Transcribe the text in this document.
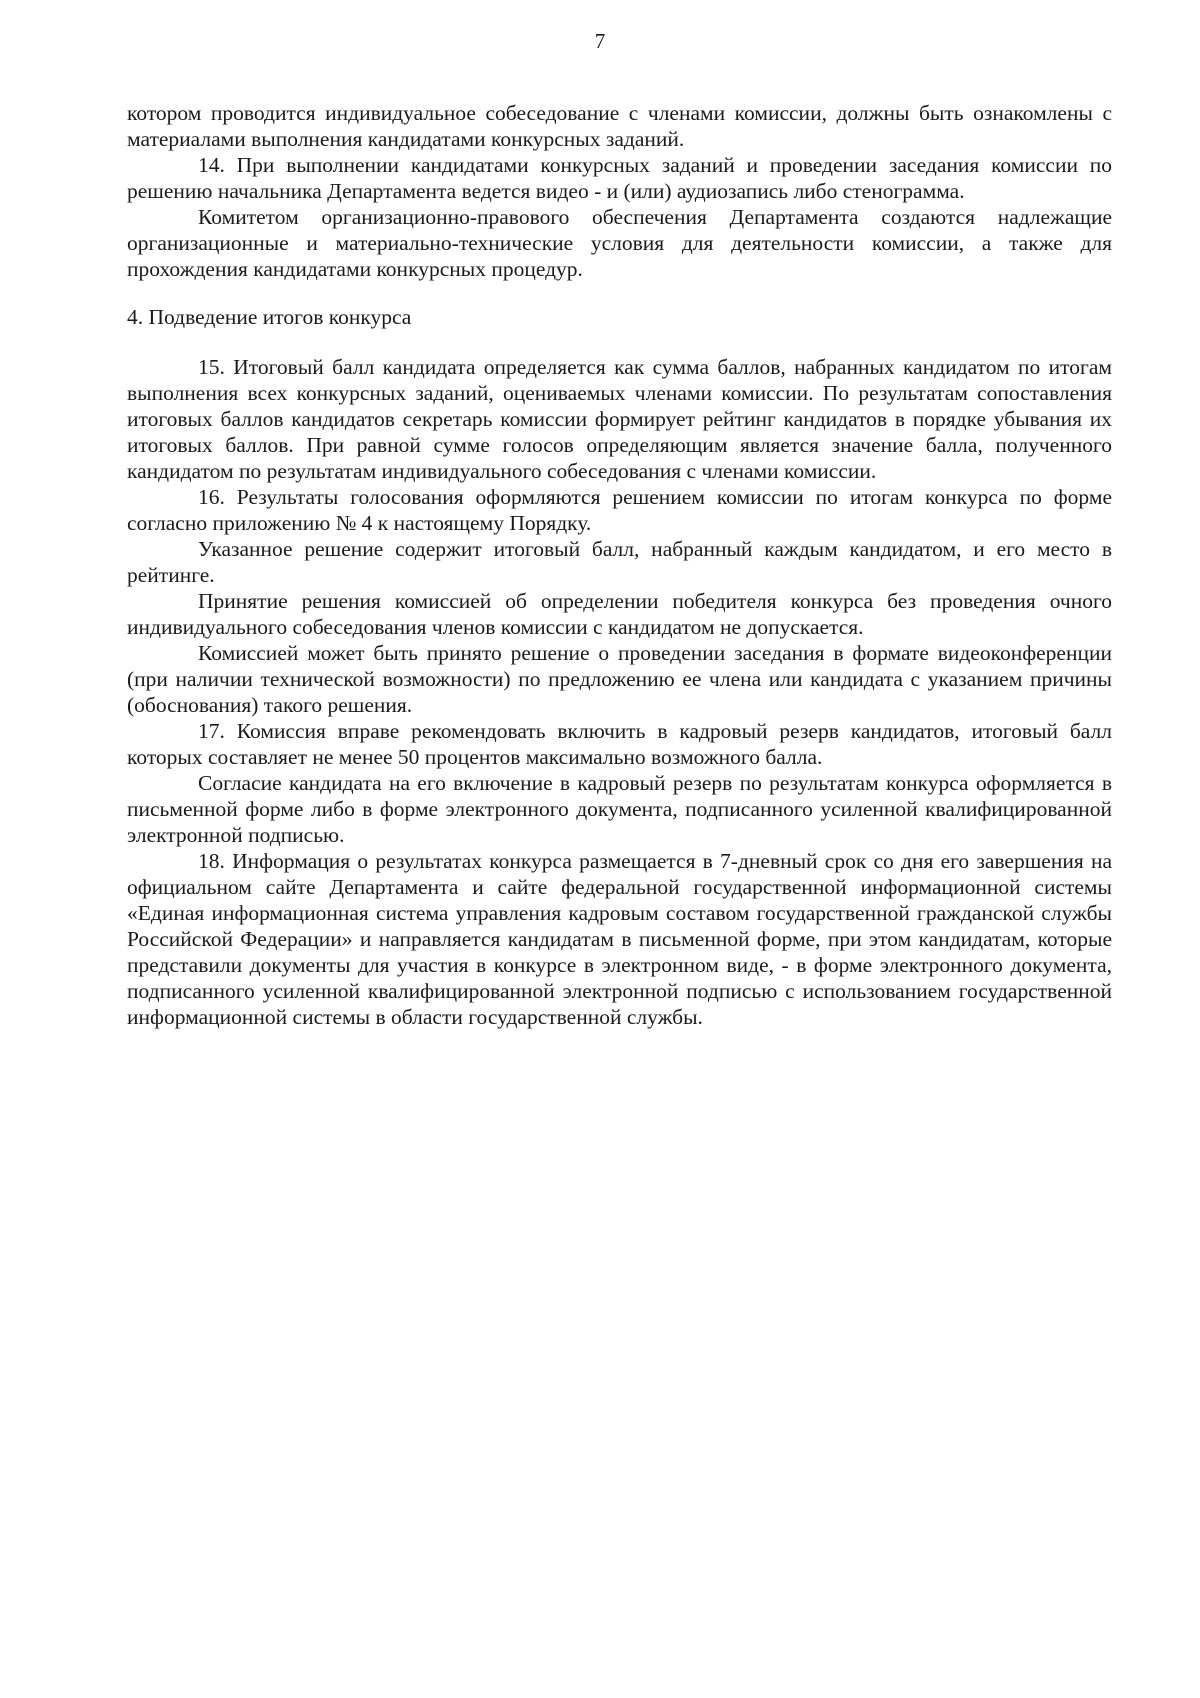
7

котором проводится индивидуальное собеседование с членами комиссии, должны быть ознакомлены с материалами выполнения кандидатами конкурсных заданий.

14. При выполнении кандидатами конкурсных заданий и проведении заседания комиссии по решению начальника Департамента ведется видео - и (или) аудиозапись либо стенограмма.

Комитетом организационно-правового обеспечения Департамента создаются надлежащие организационные и материально-технические условия для деятельности комиссии, а также для прохождения кандидатами конкурсных процедур.

4. Подведение итогов конкурса

15. Итоговый балл кандидата определяется как сумма баллов, набранных кандидатом по итогам выполнения всех конкурсных заданий, оцениваемых членами комиссии. По результатам сопоставления итоговых баллов кандидатов секретарь комиссии формирует рейтинг кандидатов в порядке убывания их итоговых баллов. При равной сумме голосов определяющим является значение балла, полученного кандидатом по результатам индивидуального собеседования с членами комиссии.

16. Результаты голосования оформляются решением комиссии по итогам конкурса по форме согласно приложению № 4 к настоящему Порядку.

Указанное решение содержит итоговый балл, набранный каждым кандидатом, и его место в рейтинге.

Принятие решения комиссией об определении победителя конкурса без проведения очного индивидуального собеседования членов комиссии с кандидатом не допускается.

Комиссией может быть принято решение о проведении заседания в формате видеоконференции (при наличии технической возможности) по предложению ее члена или кандидата с указанием причины (обоснования) такого решения.

17. Комиссия вправе рекомендовать включить в кадровый резерв кандидатов, итоговый балл которых составляет не менее 50 процентов максимально возможного балла.

Согласие кандидата на его включение в кадровый резерв по результатам конкурса оформляется в письменной форме либо в форме электронного документа, подписанного усиленной квалифицированной электронной подписью.

18. Информация о результатах конкурса размещается в 7-дневный срок со дня его завершения на официальном сайте Департамента и сайте федеральной государственной информационной системы «Единая информационная система управления кадровым составом государственной гражданской службы Российской Федерации» и направляется кандидатам в письменной форме, при этом кандидатам, которые представили документы для участия в конкурсе в электронном виде, - в форме электронного документа, подписанного усиленной квалифицированной электронной подписью с использованием государственной информационной системы в области государственной службы.
